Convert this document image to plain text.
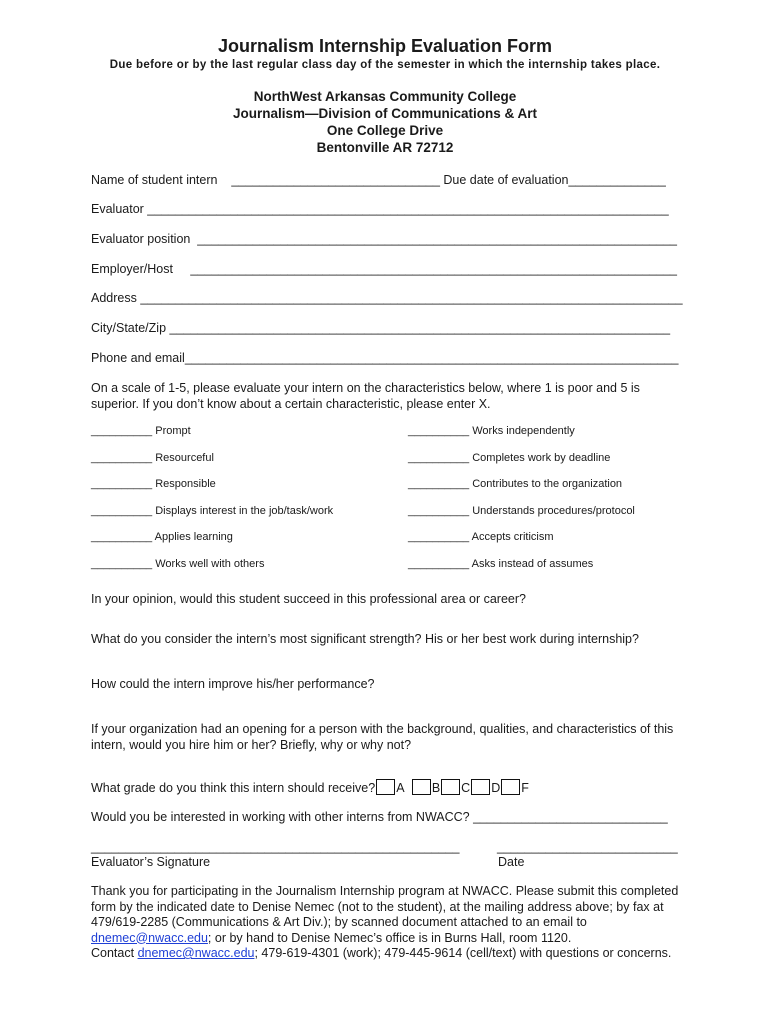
Journalism Internship Evaluation Form
Due before or by the last regular class day of the semester in which the internship takes place.
NorthWest Arkansas Community College
Journalism—Division of Communications & Art
One College Drive
Bentonville AR 72712
Name of student intern    ______________________________ Due date of evaluation______________
Evaluator ___________________________________________________________________________
Evaluator position  _____________________________________________________________________
Employer/Host     ______________________________________________________________________
Address ______________________________________________________________________________
City/State/Zip ________________________________________________________________________
Phone and email_______________________________________________________________________
On a scale of 1-5, please evaluate your intern on the characteristics below, where 1 is poor and 5 is superior. If you don’t know about a certain characteristic, please enter X.
__________ Prompt
__________ Resourceful
__________ Responsible
__________ Displays interest in the job/task/work
__________ Applies learning
__________ Works well with others
__________ Works independently
__________ Completes work by deadline
__________ Contributes to the organization
__________ Understands procedures/protocol
__________ Accepts criticism
__________ Asks instead of assumes
In your opinion, would this student succeed in this professional area or career?
What do you consider the intern’s most significant strength? His or her best work during internship?
How could the intern improve his/her performance?
If your organization had an opening for a person with the background, qualities, and characteristics of this intern, would you hire him or her? Briefly, why or why not?
What grade do you think this intern should receive? A B C D F
Would you be interested in working with other interns from NWACC? ____________________________
_____________________________________________________
Evaluator’s Signature
__________________________
Date
Thank you for participating in the Journalism Internship program at NWACC. Please submit this completed form by the indicated date to Denise Nemec (not to the student), at the mailing address above; by fax at 479/619-2285 (Communications & Art Div.); by scanned document attached to an email to dnemec@nwacc.edu; or by hand to Denise Nemec’s office is in Burns Hall, room 1120.
Contact dnemec@nwacc.edu; 479-619-4301 (work); 479-445-9614 (cell/text) with questions or concerns.
